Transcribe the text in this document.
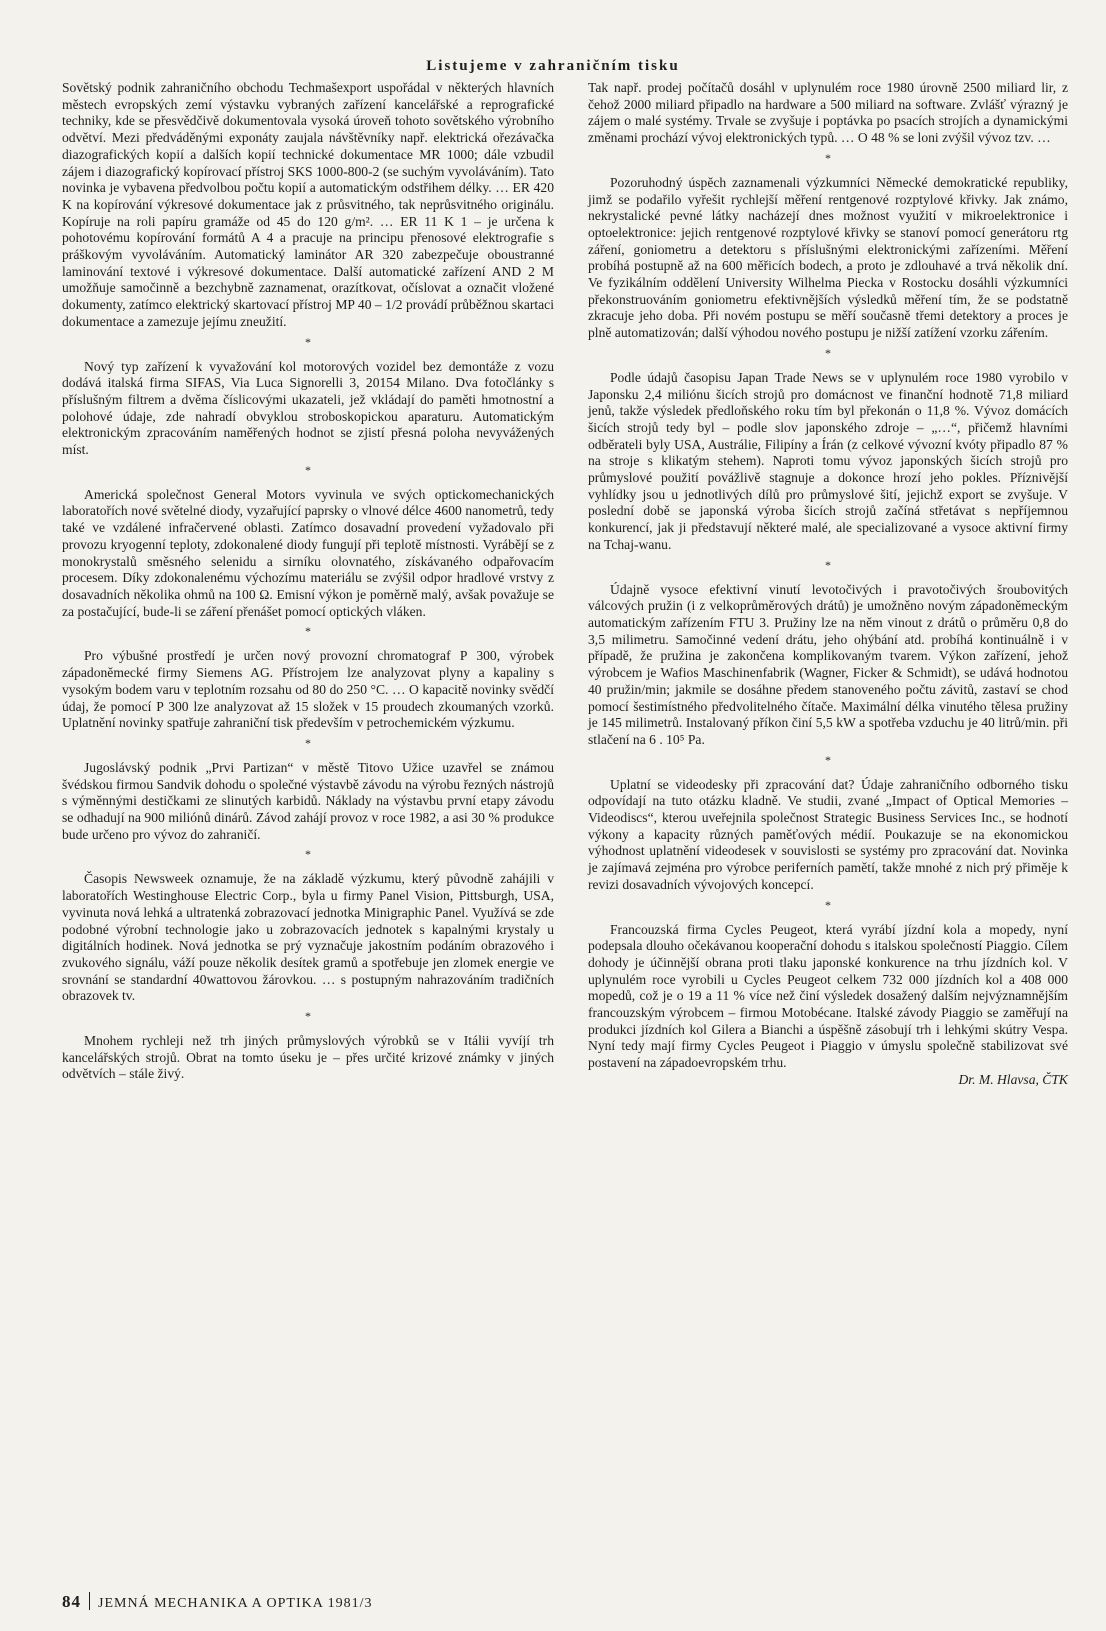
Listujeme v zahraničním tisku

Sovětský podnik zahraničního obchodu Techmašexport uspořádal v některých hlavních městech evropských zemí výstavku vybraných zařízení kancelářské a reprografické techniky, kde se přesvědčivě dokumentovala vysoká úroveň tohoto sovětského výrobního odvětví. Mezi předváděnými exponáty zaujala návštěvníky např. elektrická ořezávačka diazografických kopií a dalších kopií technické dokumentace MR 1000; dále vzbudil zájem i diazografický kopírovací přístroj SKS 1000-800-2 (se suchým vyvoláváním). Tato novinka je vybavena předvolbou počtu kopií a automatickým odstřihem délky. … ER 420 K na kopírování výkresové dokumentace jak z průsvitného, tak neprůsvitného originálu. Kopíruje na roli papíru gramáže od 45 do 120 g/m². … ER 11 K 1 – je určena k pohotovému kopírování formátů A 4 a pracuje na principu přenosové elektrografie s práškovým vyvoláváním. Automatický laminátor AR 320 zabezpečuje oboustranné laminování textové i výkresové dokumentace. Další automatické zařízení AND 2 M umožňuje samočinně a bezchybně zaznamenat, orazítkovat, očíslovat a označit vložené dokumenty, zatímco elektrický skartovací přístroj MP 40 – 1/2 provádí průběžnou skartaci dokumentace a zamezuje jejímu zneužití.

*

Nový typ zařízení k vyvažování kol motorových vozidel bez demontáže z vozu dodává italská firma SIFAS, Via Luca Signorelli 3, 20154 Milano. Dva fotočlánky s příslušným filtrem a dvěma číslicovými ukazateli, jež vkládají do paměti hmotnostní a polohové údaje, zde nahradí obvyklou stroboskopickou aparaturu. Automatickým elektronickým zpracováním naměřených hodnot se zjistí přesná poloha nevyvážených míst.

*

Americká společnost General Motors vyvinula ve svých optickomechanických laboratořích nové světelné diody, vyzařující paprsky o vlnové délce 4600 nanometrů, tedy také ve vzdálené infračervené oblasti. Zatímco dosavadní provedení vyžadovalo při provozu kryogenní teploty, zdokonalené diody fungují při teplotě místnosti. Vyrábějí se z monokrystalů směsného selenidu a sirníku olovnatého, získávaného odpařovacím procesem. Díky zdokonalenému výchozímu materiálu se zvýšil odpor hradlové vrstvy z dosavadních několika ohmů na 100 Ω. Emisní výkon je poměrně malý, avšak považuje se za postačující, bude-li se záření přenášet pomocí optických vláken.

*

Pro výbušné prostředí je určen nový provozní chromatograf P 300, výrobek západoněmecké firmy Siemens AG. Přístrojem lze analyzovat plyny a kapaliny s vysokým bodem varu v teplotním rozsahu od 80 do 250 °C. … O kapacitě novinky svědčí údaj, že pomocí P 300 lze analyzovat až 15 složek v 15 proudech zkoumaných vzorků. Uplatnění novinky spatřuje zahraniční tisk především v petrochemickém výzkumu.

*

Jugoslávský podnik „Prvi Partizan“ v městě Titovo Užice uzavřel se známou švédskou firmou Sandvik dohodu o společné výstavbě závodu na výrobu řezných nástrojů s výměnnými destičkami ze slinutých karbidů. Náklady na výstavbu první etapy závodu se odhadují na 900 miliónů dinárů. Závod zahájí provoz v roce 1982, a asi 30 % produkce bude určeno pro vývoz do zahraničí.

*

Časopis Newsweek oznamuje, že na základě výzkumu, který původně zahájili v laboratořích Westinghouse Electric Corp., byla u firmy Panel Vision, Pittsburgh, USA, vyvinuta nová lehká a ultratenká zobrazovací jednotka Minigraphic Panel. Využívá se zde podobné výrobní technologie jako u zobrazovacích jednotek s kapalnými krystaly u digitálních hodinek. Nová jednotka se prý vyznačuje jakostním podáním obrazového i zvukového signálu, váží pouze několik desítek gramů a spotřebuje jen zlomek energie ve srovnání se standardní 40wattovou žárovkou. … s postupným nahrazováním tradičních obrazovek tv.

*

Mnohem rychleji než trh jiných průmyslových výrobků se v Itálii vyvíjí trh kancelářských strojů. Obrat na tomto úseku je – přes určité krizové známky v jiných odvětvích – stále živý.

Tak např. prodej počítačů dosáhl v uplynulém roce 1980 úrovně 2500 miliard lir, z čehož 2000 miliard připadlo na hardware a 500 miliard na software. Zvlášť výrazný je zájem o malé systémy. Trvale se zvyšuje i poptávka po psacích strojích a dynamickými změnami prochází vývoj elektronických typů. … O 48 % se loni zvýšil vývoz tzv. …

*

Pozoruhodný úspěch zaznamenali výzkumníci Německé demokratické republiky, jimž se podařilo vyřešit rychlejší měření rentgenové rozptylové křivky. Jak známo, nekrystalické pevné látky nacházejí dnes možnost využití v mikroelektronice i optoelektronice: jejich rentgenové rozptylové křivky se stanoví pomocí generátoru rtg záření, goniometru a detektoru s příslušnými elektronickými zařízeními. Měření probíhá postupně až na 600 měřicích bodech, a proto je zdlouhavé a trvá několik dní. Ve fyzikálním oddělení University Wilhelma Piecka v Rostocku dosáhli výzkumníci překonstruováním goniometru efektivnějších výsledků měření tím, že se podstatně zkracuje jeho doba. Při novém postupu se měří současně třemi detektory a proces je plně automatizován; další výhodou nového postupu je nižší zatížení vzorku zářením.

*

Podle údajů časopisu Japan Trade News se v uplynulém roce 1980 vyrobilo v Japonsku 2,4 miliónu šicích strojů pro domácnost ve finanční hodnotě 71,8 miliard jenů, takže výsledek předloňského roku tím byl překonán o 11,8 %. Vývoz domácích šicích strojů tedy byl – podle slov japonského zdroje – „…“, přičemž hlavními odběrateli byly USA, Austrálie, Filipíny a Írán (z celkové vývozní kvóty připadlo 87 % na stroje s klikatým stehem). Naproti tomu vývoz japonských šicích strojů pro průmyslové použití povážlivě stagnuje a dokonce hrozí jeho pokles. Příznivější vyhlídky jsou u jednotlivých dílů pro průmyslové šití, jejichž export se zvyšuje. V poslední době se japonská výroba šicích strojů začíná střetávat s nepříjemnou konkurencí, jak ji představují některé malé, ale specializované a vysoce aktivní firmy na Tchaj-wanu.

*

Údajně vysoce efektivní vinutí levotočivých i pravotočivých šroubovitých válcových pružin (i z velkoprůměrových drátů) je umožněno novým západoněmeckým automatickým zařízením FTU 3. Pružiny lze na něm vinout z drátů o průměru 0,8 do 3,5 milimetru. Samočinné vedení drátu, jeho ohýbání atd. probíhá kontinuálně i v případě, že pružina je zakončena komplikovaným tvarem. Výkon zařízení, jehož výrobcem je Wafios Maschinenfabrik (Wagner, Ficker & Schmidt), se udává hodnotou 40 pružin/min; jakmile se dosáhne předem stanoveného počtu závitů, zastaví se chod pomocí šestimístného předvolitelného čítače. Maximální délka vinutého tělesa pružiny je 145 milimetrů. Instalovaný příkon činí 5,5 kW a spotřeba vzduchu je 40 litrů/min. při stlačení na 6 . 10⁵ Pa.

*

Uplatní se videodesky při zpracování dat? Údaje zahraničního odborného tisku odpovídají na tuto otázku kladně. Ve studii, zvané „Impact of Optical Memories – Videodiscs“, kterou uveřejnila společnost Strategic Business Services Inc., se hodnotí výkony a kapacity různých paměťových médií. Poukazuje se na ekonomickou výhodnost uplatnění videodesek v souvislosti se systémy pro zpracování dat. Novinka je zajímavá zejména pro výrobce periferních pamětí, takže mnohé z nich prý přiměje k revizi dosavadních vývojových koncepcí.

*

Francouzská firma Cycles Peugeot, která vyrábí jízdní kola a mopedy, nyní podepsala dlouho očekávanou kooperační dohodu s italskou společností Piaggio. Cílem dohody je účinnější obrana proti tlaku japonské konkurence na trhu jízdních kol. V uplynulém roce vyrobili u Cycles Peugeot celkem 732 000 jízdních kol a 408 000 mopedů, což je o 19 a 11 % více než činí výsledek dosažený dalším nejvýznamnějším francouzským výrobcem – firmou Motobécane. Italské závody Piaggio se zaměřují na produkci jízdních kol Gilera a Bianchi a úspěšně zásobují trh i lehkými skútry Vespa. Nyní tedy mají firmy Cycles Peugeot i Piaggio v úmyslu společně stabilizovat své postavení na západoevropském trhu.

Dr. M. Hlavsa, ČTK

84 JEMNÁ MECHANIKA A OPTIKA 1981/3
